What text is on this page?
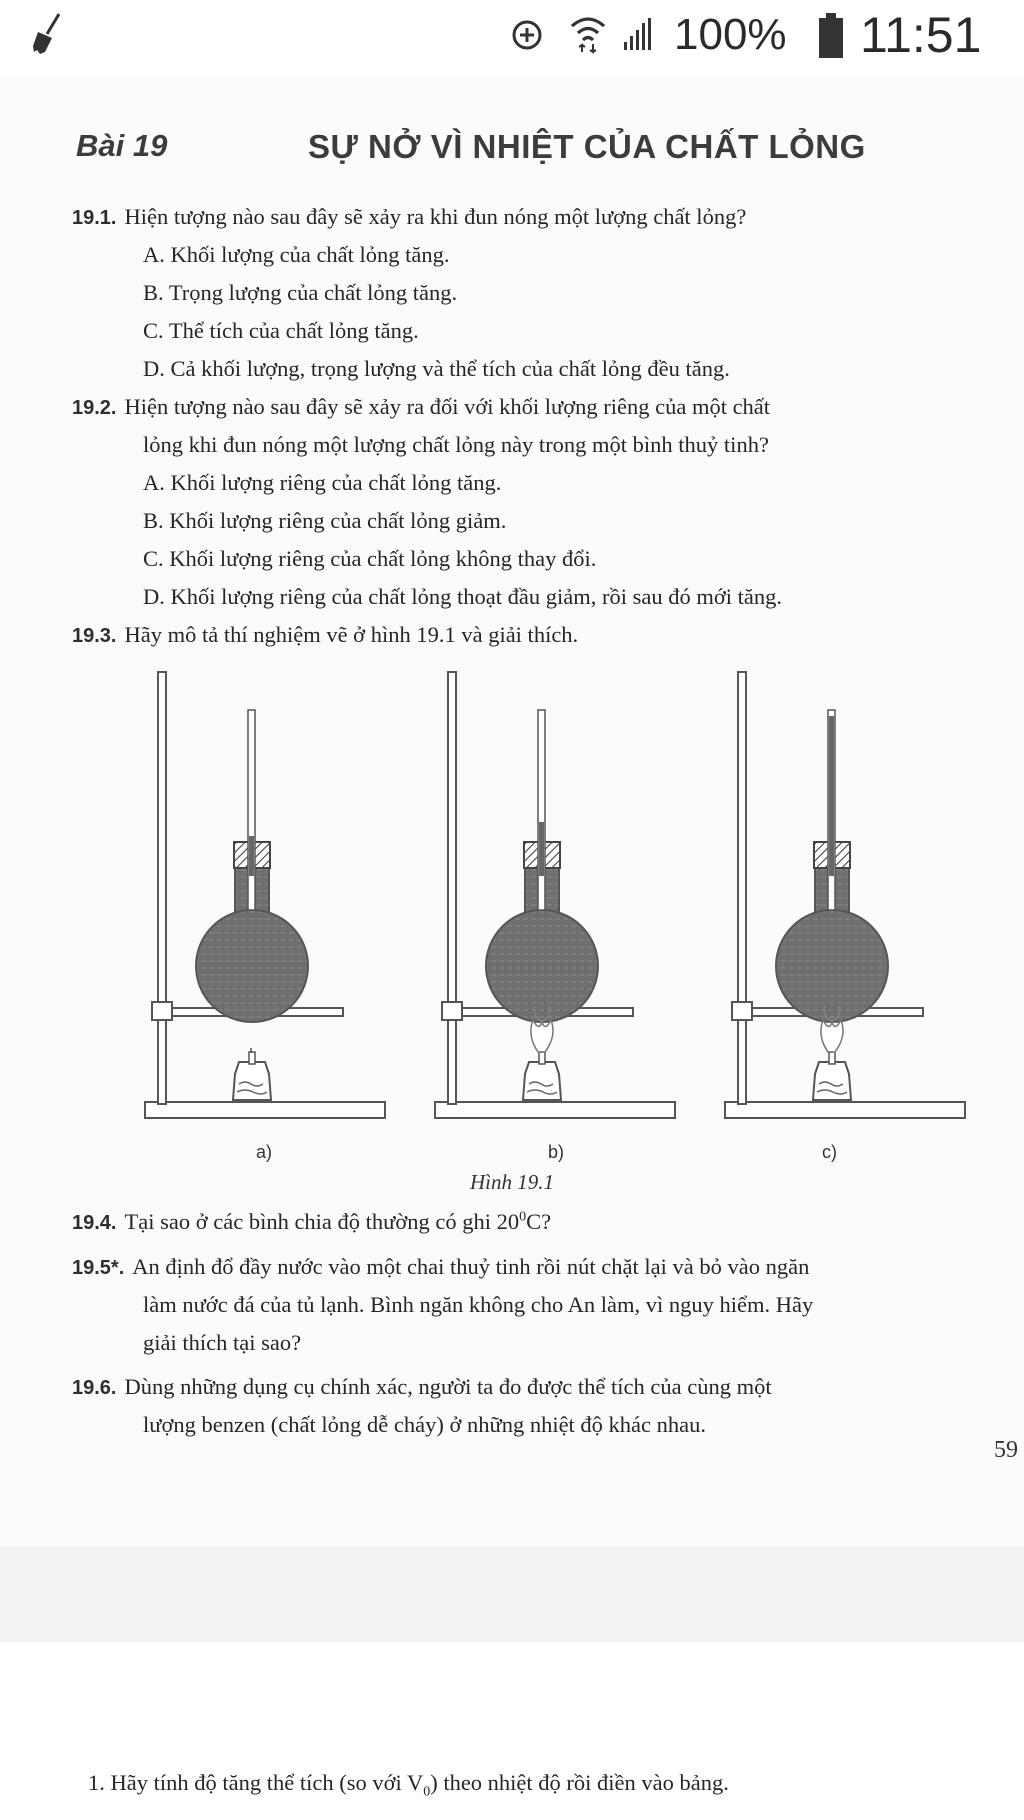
100% 11:51
Bài 19	SỰ NỞ VÌ NHIỆT CỦA CHẤT LỎNG
19.1. Hiện tượng nào sau đây sẽ xảy ra khi đun nóng một lượng chất lỏng?
A. Khối lượng của chất lỏng tăng.
B. Trọng lượng của chất lỏng tăng.
C. Thể tích của chất lỏng tăng.
D. Cả khối lượng, trọng lượng và thể tích của chất lỏng đều tăng.
19.2. Hiện tượng nào sau đây sẽ xảy ra đối với khối lượng riêng của một chất
lỏng khi đun nóng một lượng chất lỏng này trong một bình thuỷ tinh?
A. Khối lượng riêng của chất lỏng tăng.
B. Khối lượng riêng của chất lỏng giảm.
C. Khối lượng riêng của chất lỏng không thay đổi.
D. Khối lượng riêng của chất lỏng thoạt đầu giảm, rồi sau đó mới tăng.
19.3. Hãy mô tả thí nghiệm vẽ ở hình 19.1 và giải thích.
a)	b)	c)
Hình 19.1
19.4. Tại sao ở các bình chia độ thường có ghi $20^0C$?
19.5*. An định đổ đầy nước vào một chai thuỷ tinh rồi nút chặt lại và bỏ vào ngăn
làm nước đá của tủ lạnh. Bình ngăn không cho An làm, vì nguy hiểm. Hãy
giải thích tại sao?
19.6. Dùng những dụng cụ chính xác, người ta đo được thể tích của cùng một
lượng benzen (chất lỏng dễ cháy) ở những nhiệt độ khác nhau.
59
1. Hãy tính độ tăng thể tích (so với $V_0$) theo nhiệt độ rồi điền vào bảng.
